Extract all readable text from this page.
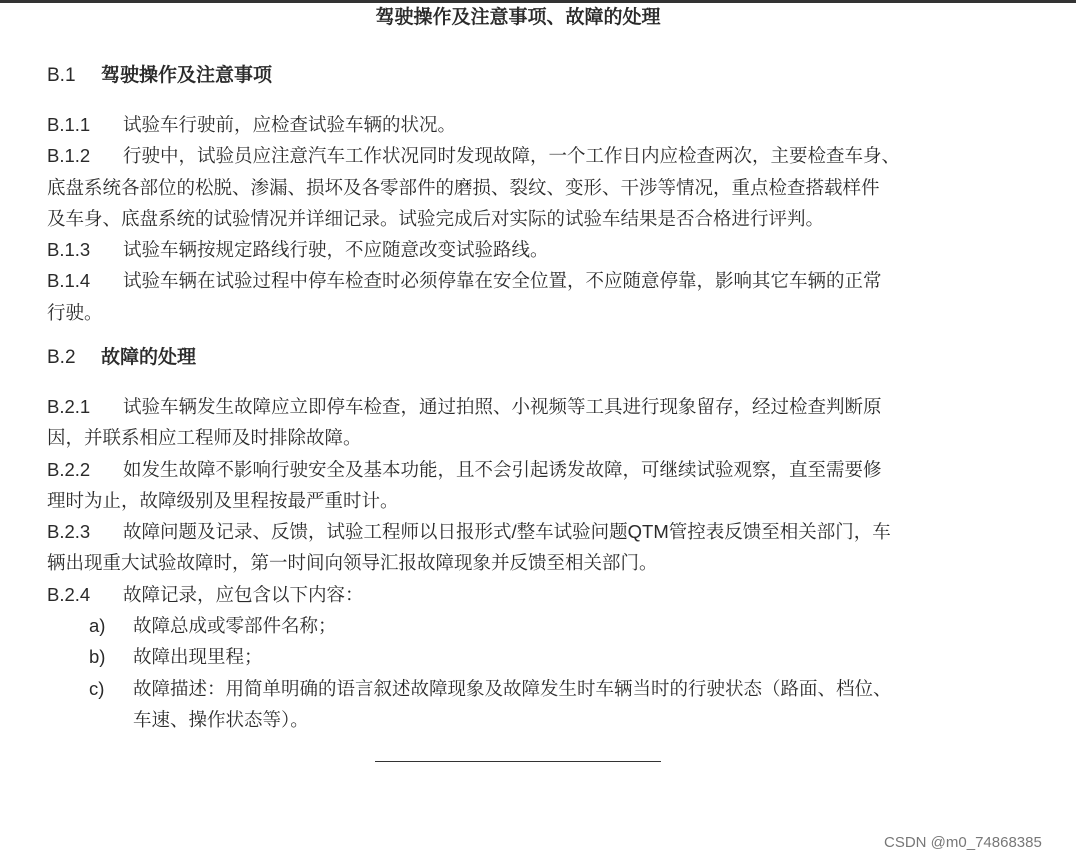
驾驶操作及注意事项、故障的处理
B.1 驾驶操作及注意事项
B.1.1 试验车行驶前，应检查试验车辆的状况。
B.1.2 行驶中，试验员应注意汽车工作状况同时发现故障，一个工作日内应检查两次，主要检查车身、
底盘系统各部位的松脱、渗漏、损坏及各零部件的磨损、裂纹、变形、干涉等情况，重点检查搭载样件
及车身、底盘系统的试验情况并详细记录。试验完成后对实际的试验车结果是否合格进行评判。
B.1.3 试验车辆按规定路线行驶，不应随意改变试验路线。
B.1.4 试验车辆在试验过程中停车检查时必须停靠在安全位置，不应随意停靠，影响其它车辆的正常
行驶。
B.2 故障的处理
B.2.1 试验车辆发生故障应立即停车检查，通过拍照、小视频等工具进行现象留存，经过检查判断原
因，并联系相应工程师及时排除故障。
B.2.2 如发生故障不影响行驶安全及基本功能，且不会引起诱发故障，可继续试验观察，直至需要修
理时为止，故障级别及里程按最严重时计。
B.2.3 故障问题及记录、反馈，试验工程师以日报形式/整车试验问题QTM管控表反馈至相关部门，车
辆出现重大试验故障时，第一时间向领导汇报故障现象并反馈至相关部门。
B.2.4 故障记录，应包含以下内容：
a) 故障总成或零部件名称；
b) 故障出现里程；
c) 故障描述：用简单明确的语言叙述故障现象及故障发生时车辆当时的行驶状态（路面、档位、
车速、操作状态等）。
CSDN @m0_74868385
